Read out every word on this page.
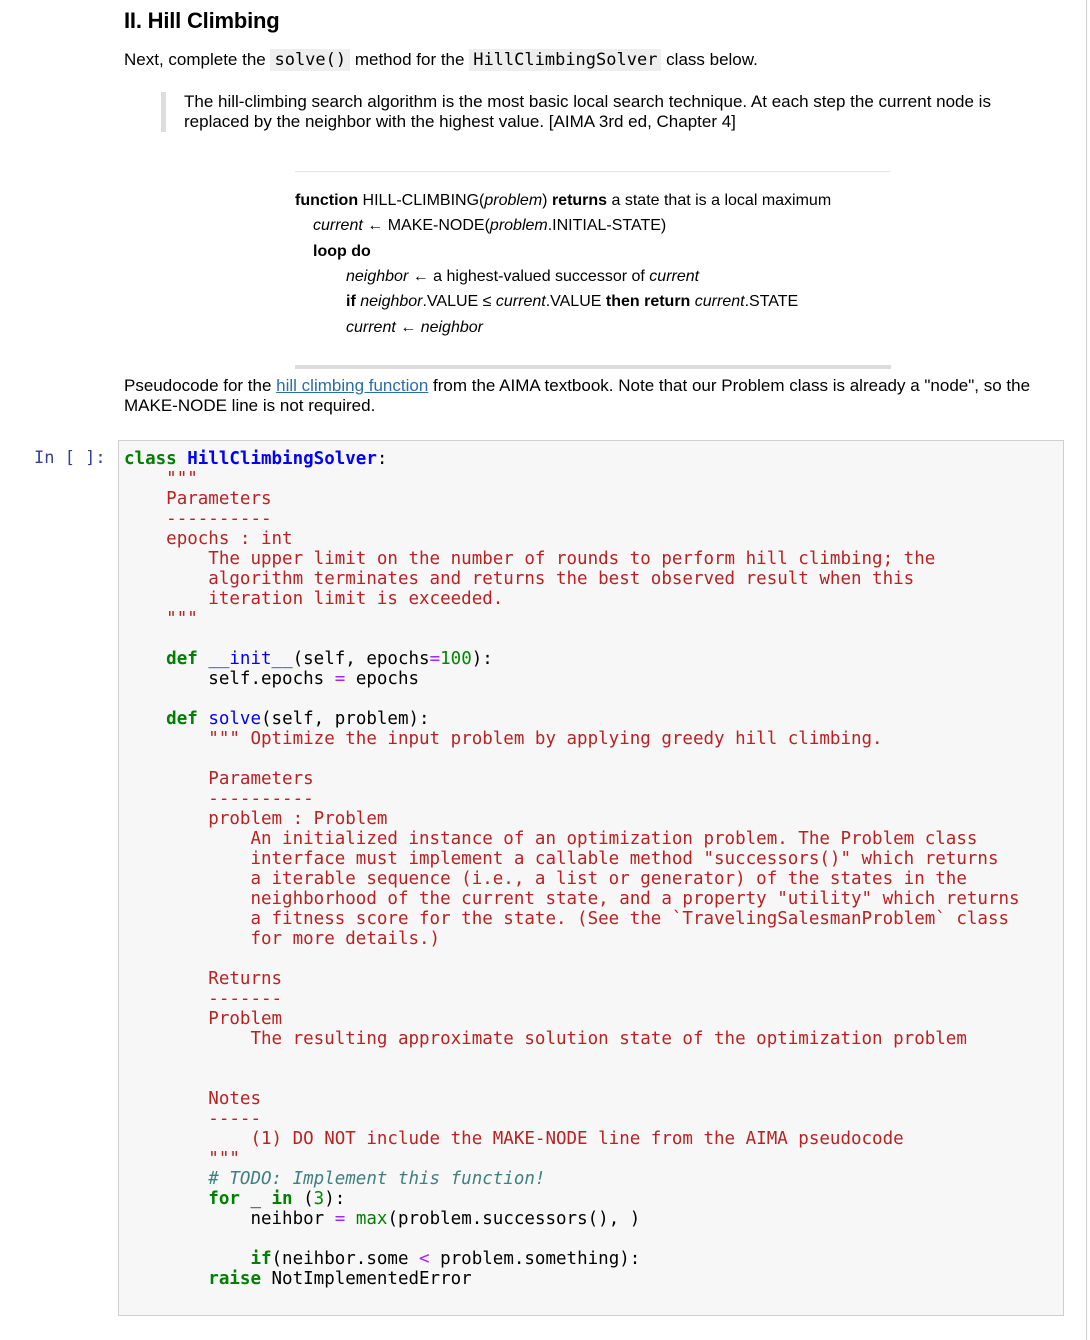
II. Hill Climbing
Next, complete the solve() method for the HillClimbingSolver class below.
The hill-climbing search algorithm is the most basic local search technique. At each step the current node is replaced by the neighbor with the highest value. [AIMA 3rd ed, Chapter 4]
function HILL-CLIMBING(problem) returns a state that is a local maximum
current ← MAKE-NODE(problem.INITIAL-STATE)
loop do
neighbor ← a highest-valued successor of current
if neighbor.VALUE ≤ current.VALUE then return current.STATE
current ← neighbor
Pseudocode for the hill climbing function from the AIMA textbook. Note that our Problem class is already a "node", so the MAKE-NODE line is not required.
In [ ]: class HillClimbingSolver:
"""
Parameters
----------
epochs : int
The upper limit on the number of rounds to perform hill climbing; the
algorithm terminates and returns the best observed result when this
iteration limit is exceeded.
"""

def __init__(self, epochs=100):
self.epochs = epochs

def solve(self, problem):
""" Optimize the input problem by applying greedy hill climbing.

Parameters
----------
problem : Problem
An initialized instance of an optimization problem. The Problem class
interface must implement a callable method "successors()" which returns
a iterable sequence (i.e., a list or generator) of the states in the
neighborhood of the current state, and a property "utility" which returns
a fitness score for the state. (See the `TravelingSalesmanProblem` class
for more details.)

Returns
-------
Problem
The resulting approximate solution state of the optimization problem

Notes
-----
(1) DO NOT include the MAKE-NODE line from the AIMA pseudocode
"""
# TODO: Implement this function!
for _ in (3):
neihbor = max(problem.successors(), )

if(neihbor.some < problem.something):
raise NotImplementedError
